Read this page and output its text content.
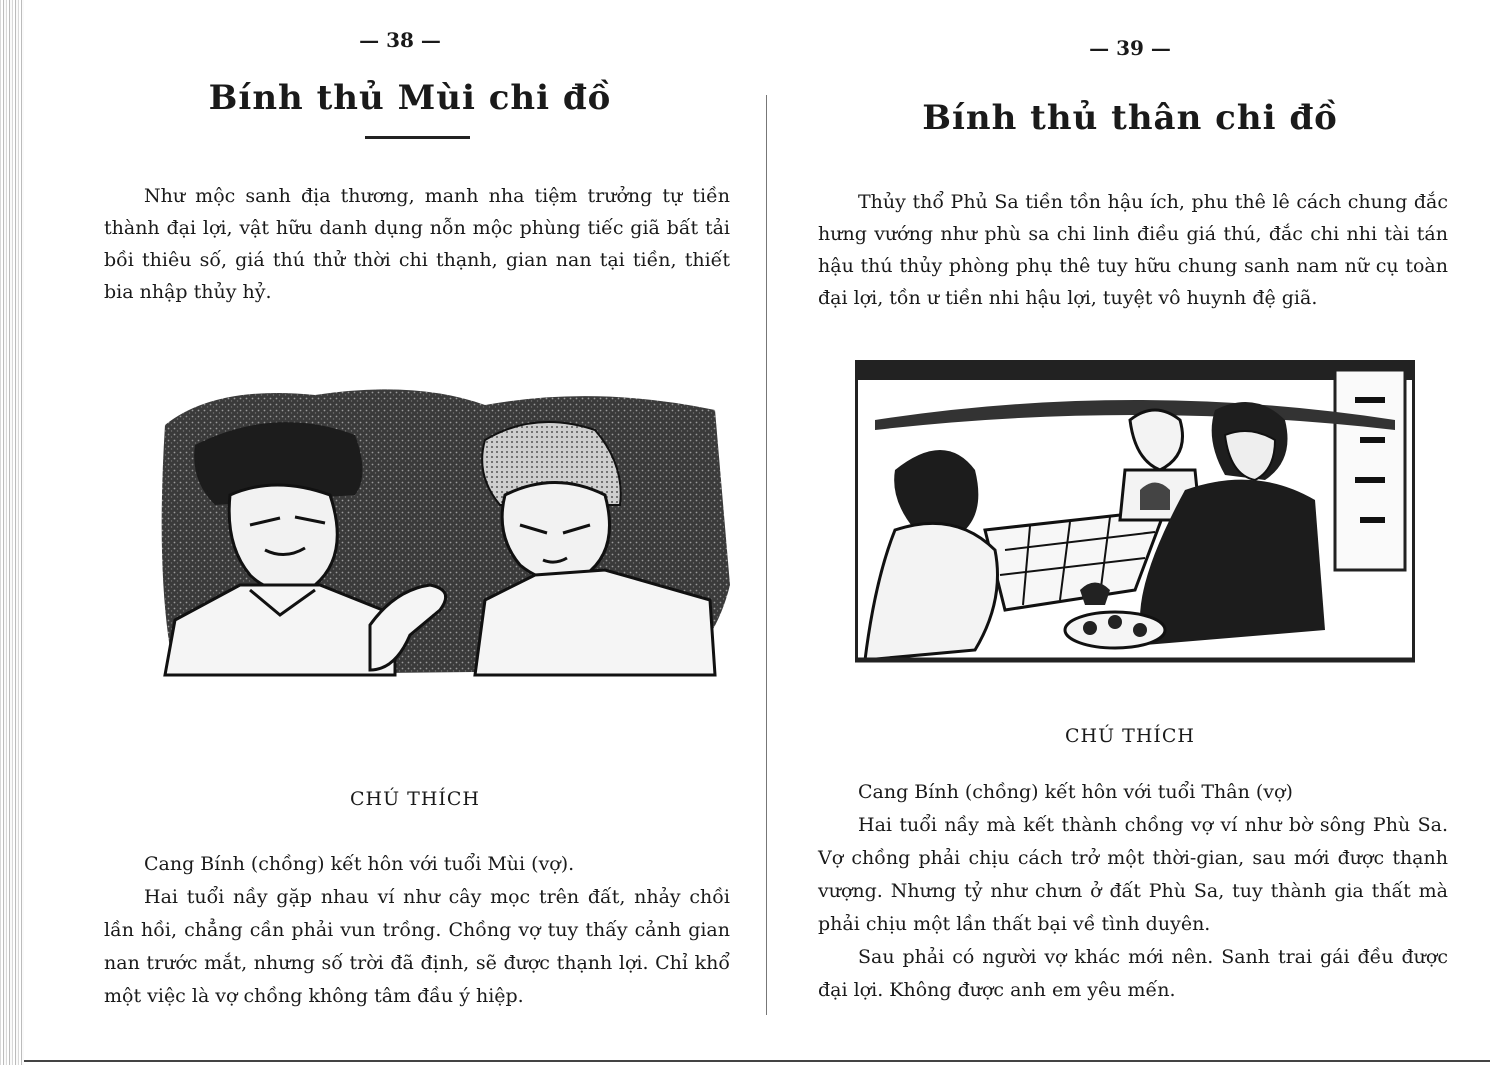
— 38 —
Bính thủ Mùi chi đồ

Như mộc sanh địa thương, manh nha tiệm trưởng tự tiền thành đại lợi, vật hữu danh dụng nỗn mộc phùng tiếc giã bất tải bồi thiêu số, giá thú thử thời chi thạnh, gian nan tại tiền, thiết bia nhập thủy hỷ.

CHÚ THÍCH

Cang Bính (chồng) kết hôn với tuổi Mùi (vợ).

Hai tuổi nầy gặp nhau ví như cây mọc trên đất, nhảy chồi lần hồi, chẳng cần phải vun trồng. Chồng vợ tuy thấy cảnh gian nan trước mắt, nhưng số trời đã định, sẽ được thạnh lợi. Chỉ khổ một việc là vợ chồng không tâm đầu ý hiệp.

— 39 —
Bính thủ thân chi đồ

Thủy thổ Phủ Sa tiền tồn hậu ích, phu thê lê cách chung đắc hưng vướng như phù sa chi linh điều giá thú, đắc chi nhi tài tán hậu thú thủy phòng phụ thê tuy hữu chung sanh nam nữ cụ toàn đại lợi, tồn ư tiền nhi hậu lợi, tuyệt vô huynh đệ giã.

CHÚ THÍCH

Cang Bính (chồng) kết hôn với tuổi Thân (vợ)

Hai tuổi nầy mà kết thành chồng vợ ví như bờ sông Phù Sa. Vợ chồng phải chịu cách trở một thời-gian, sau mới được thạnh vượng. Nhưng tỷ như chưn ở đất Phù Sa, tuy thành gia thất mà phải chịu một lần thất bại về tình duyên.

Sau phải có người vợ khác mới nên. Sanh trai gái đều được đại lợi. Không được anh em yêu mến.
